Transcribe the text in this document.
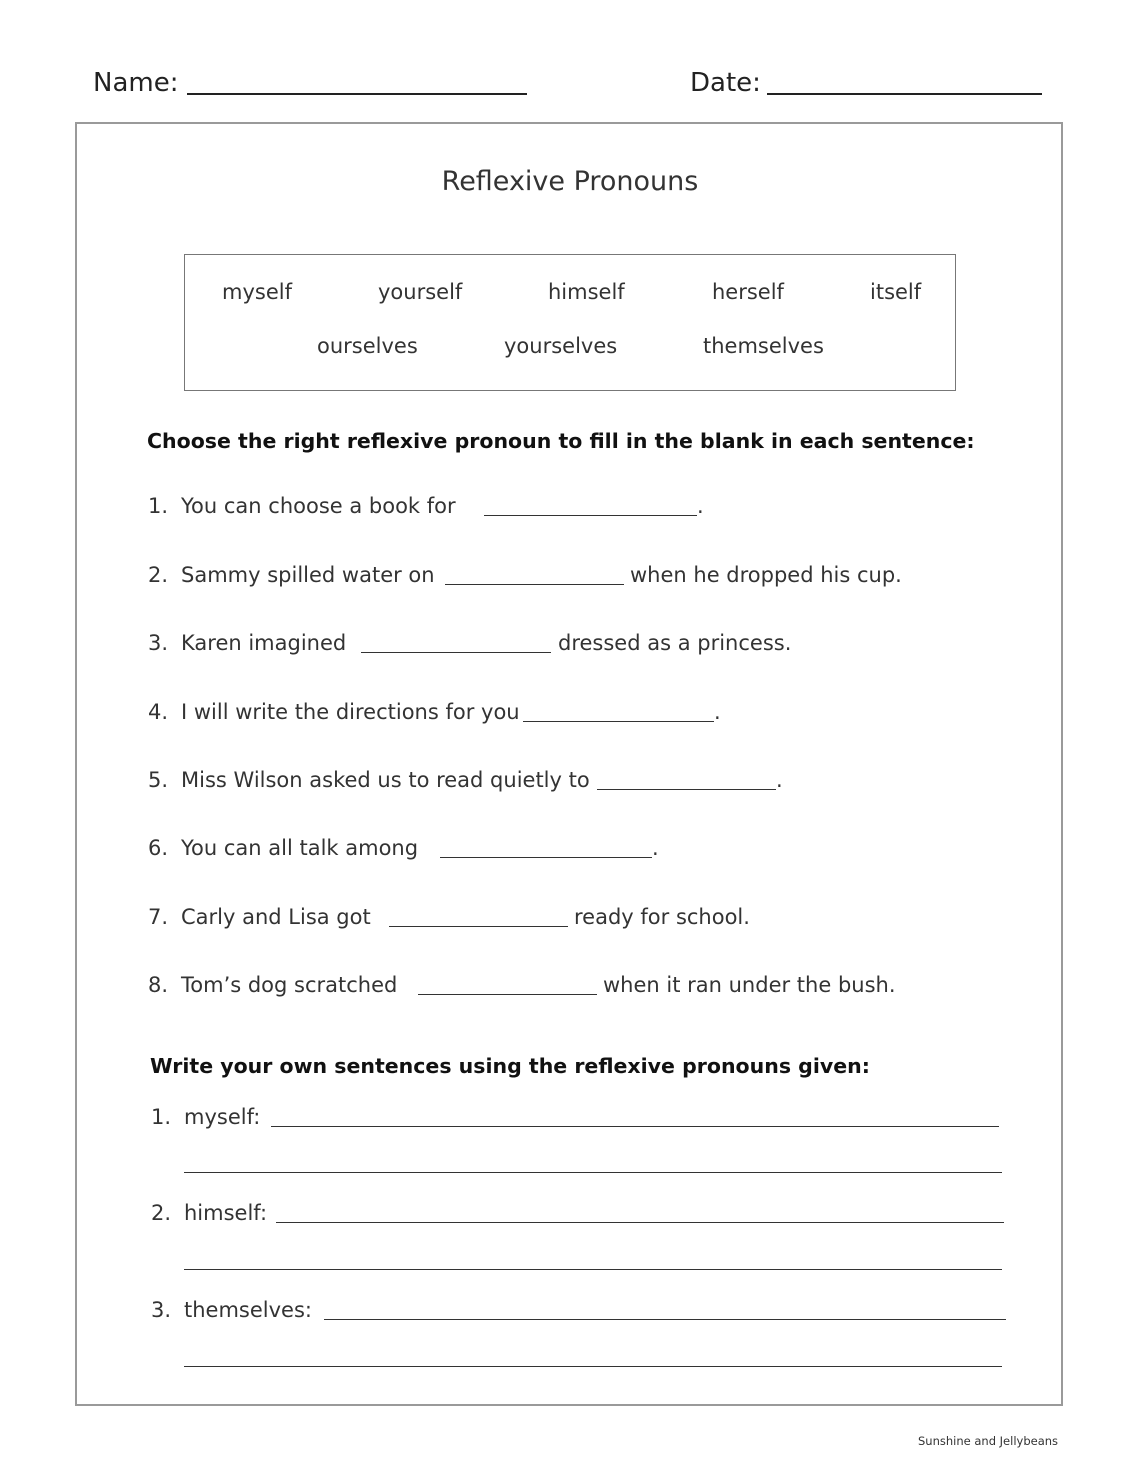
Name:	Date:
Reflexive Pronouns
myself	yourself	himself	herself	itself
ourselves	yourselves	themselves
Choose the right reflexive pronoun to fill in the blank in each sentence:
1. You can choose a book for	.
2. Sammy spilled water on	when he dropped his cup.
3. Karen imagined	dressed as a princess.
4. I will write the directions for you	.
5. Miss Wilson asked us to read quietly to	.
6. You can all talk among	.
7. Carly and Lisa got	ready for school.
8. Tom’s dog scratched	when it ran under the bush.
Write your own sentences using the reflexive pronouns given:
1. myself:
2. himself:
3. themselves:
Sunshine and Jellybeans
